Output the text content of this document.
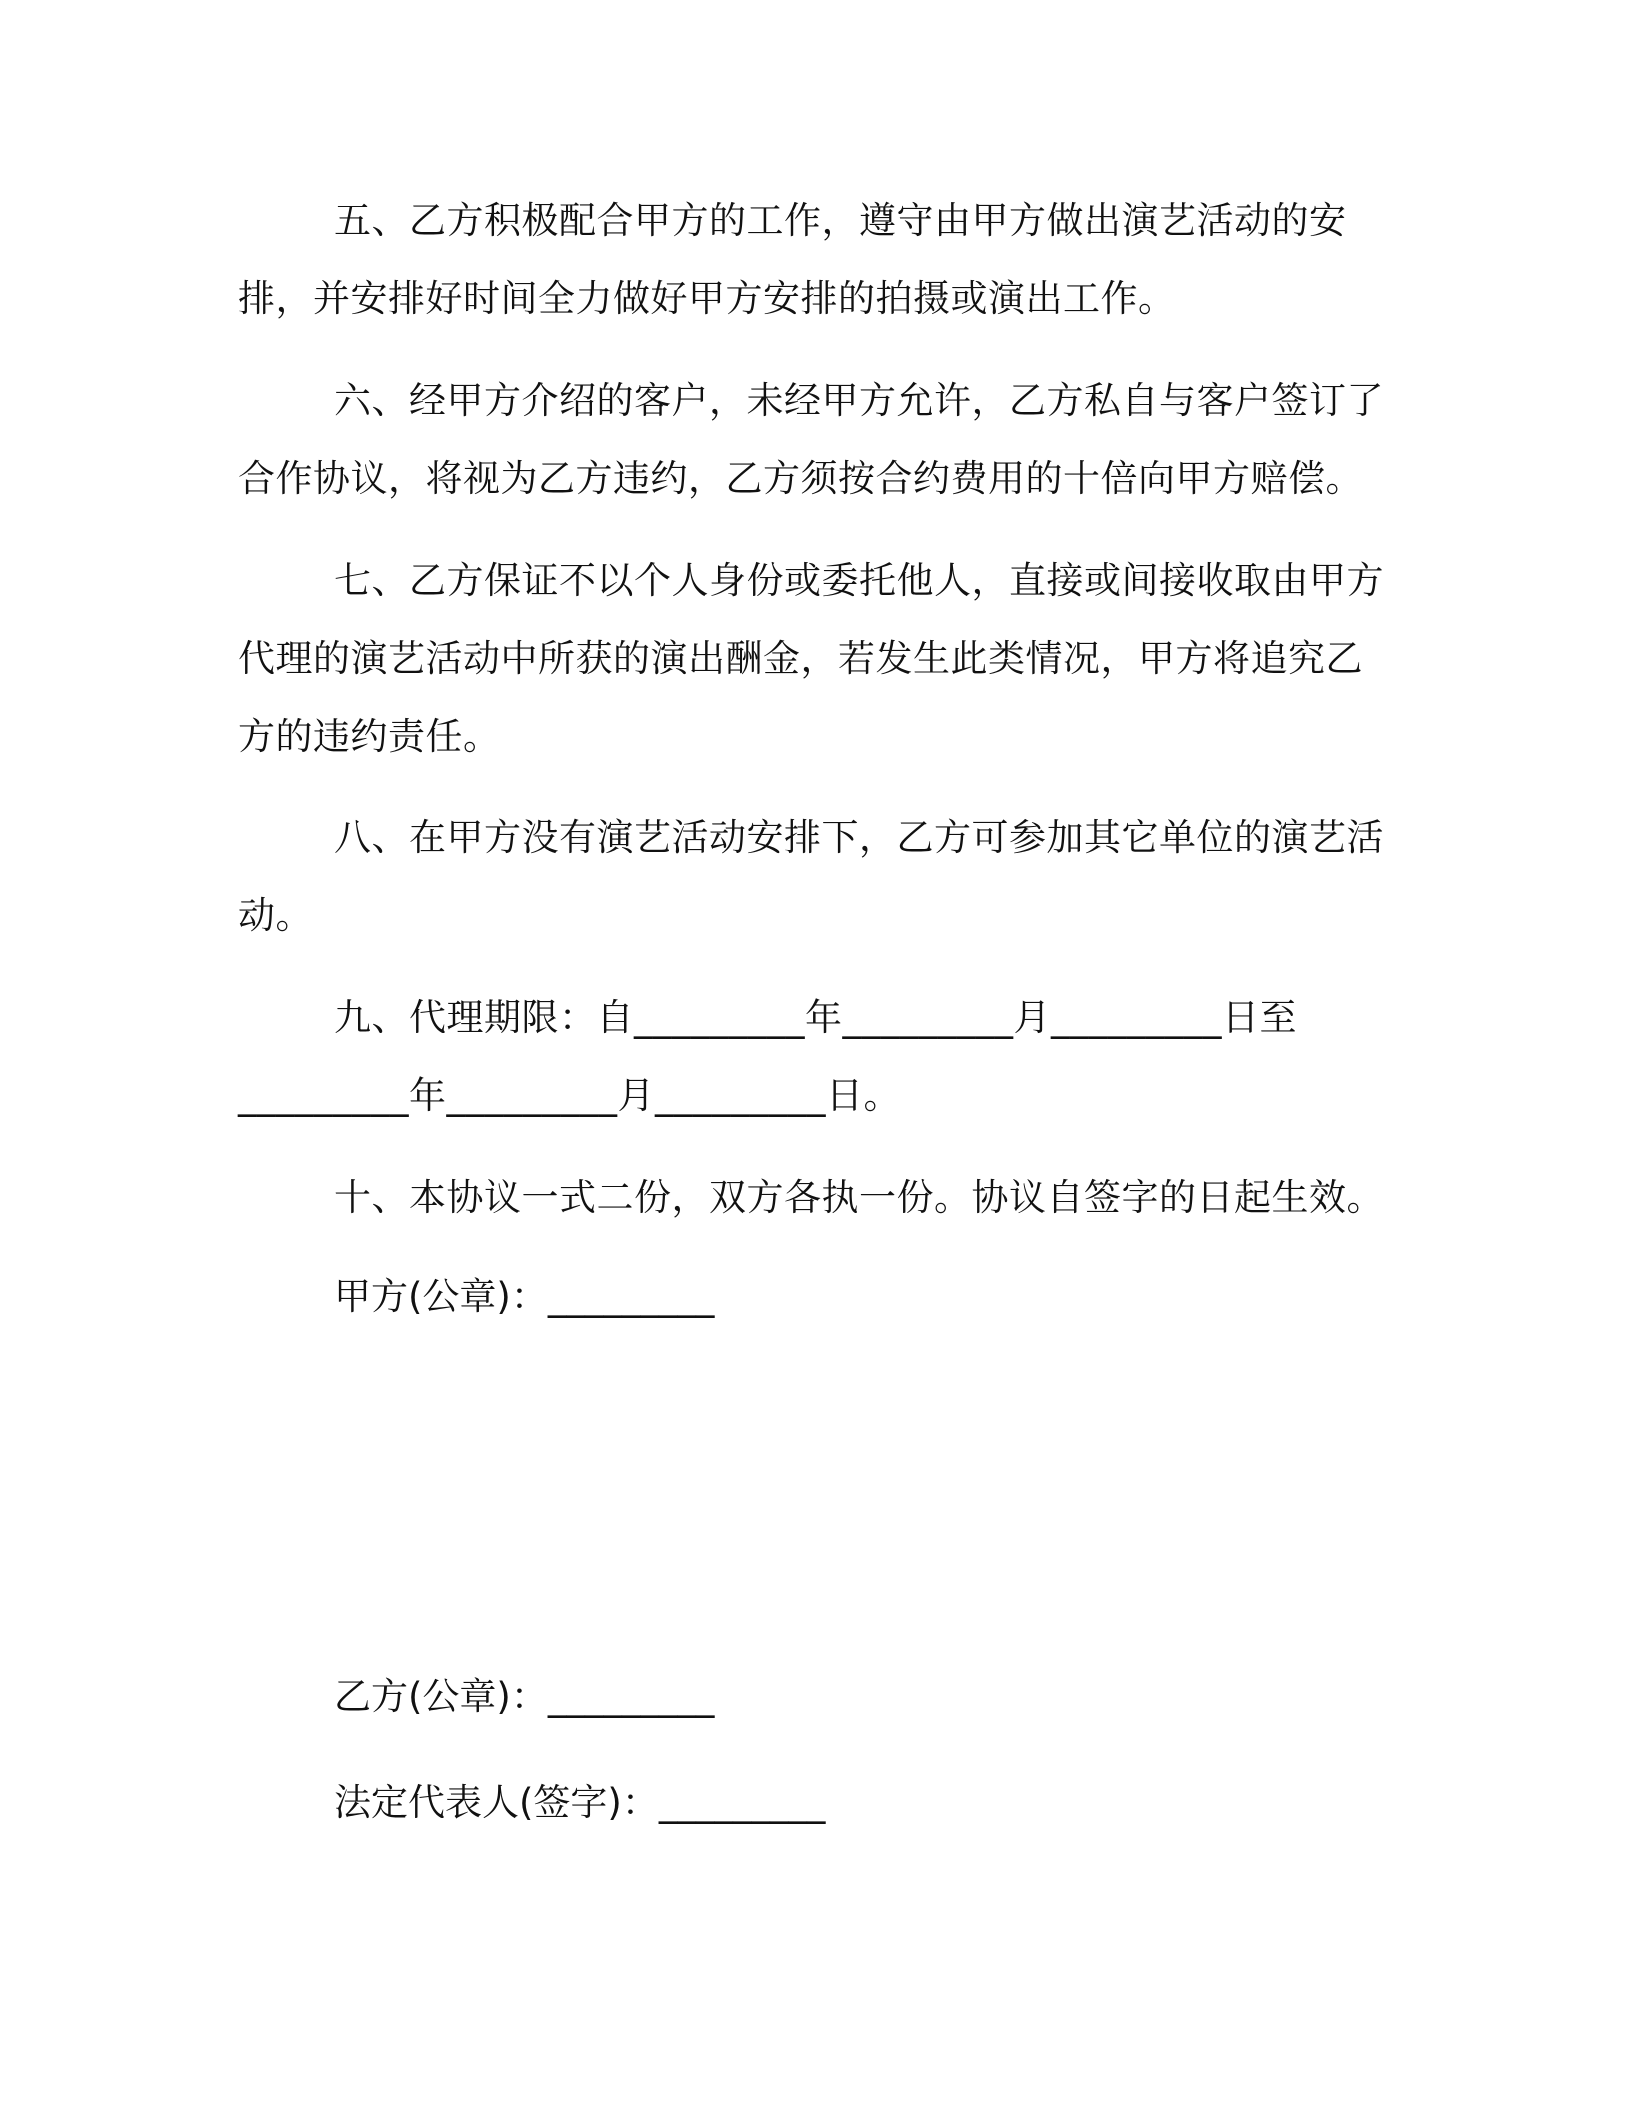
五、乙方积极配合甲方的工作，遵守由甲方做出演艺活动的安排，并安排好时间全力做好甲方安排的拍摄或演出工作。

六、经甲方介绍的客户，未经甲方允许，乙方私自与客户签订了合作协议，将视为乙方违约，乙方须按合约费用的十倍向甲方赔偿。

七、乙方保证不以个人身份或委托他人，直接或间接收取由甲方代理的演艺活动中所获的演出酬金，若发生此类情况，甲方将追究乙方的违约责任。

八、在甲方没有演艺活动安排下，乙方可参加其它单位的演艺活动。

九、代理期限：自_________年_________月_________日至_________年_________月_________日。

十、本协议一式二份，双方各执一份。协议自签字的日起生效。

甲方(公章)：_________

乙方(公章)：_________

法定代表人(签字)：_________
